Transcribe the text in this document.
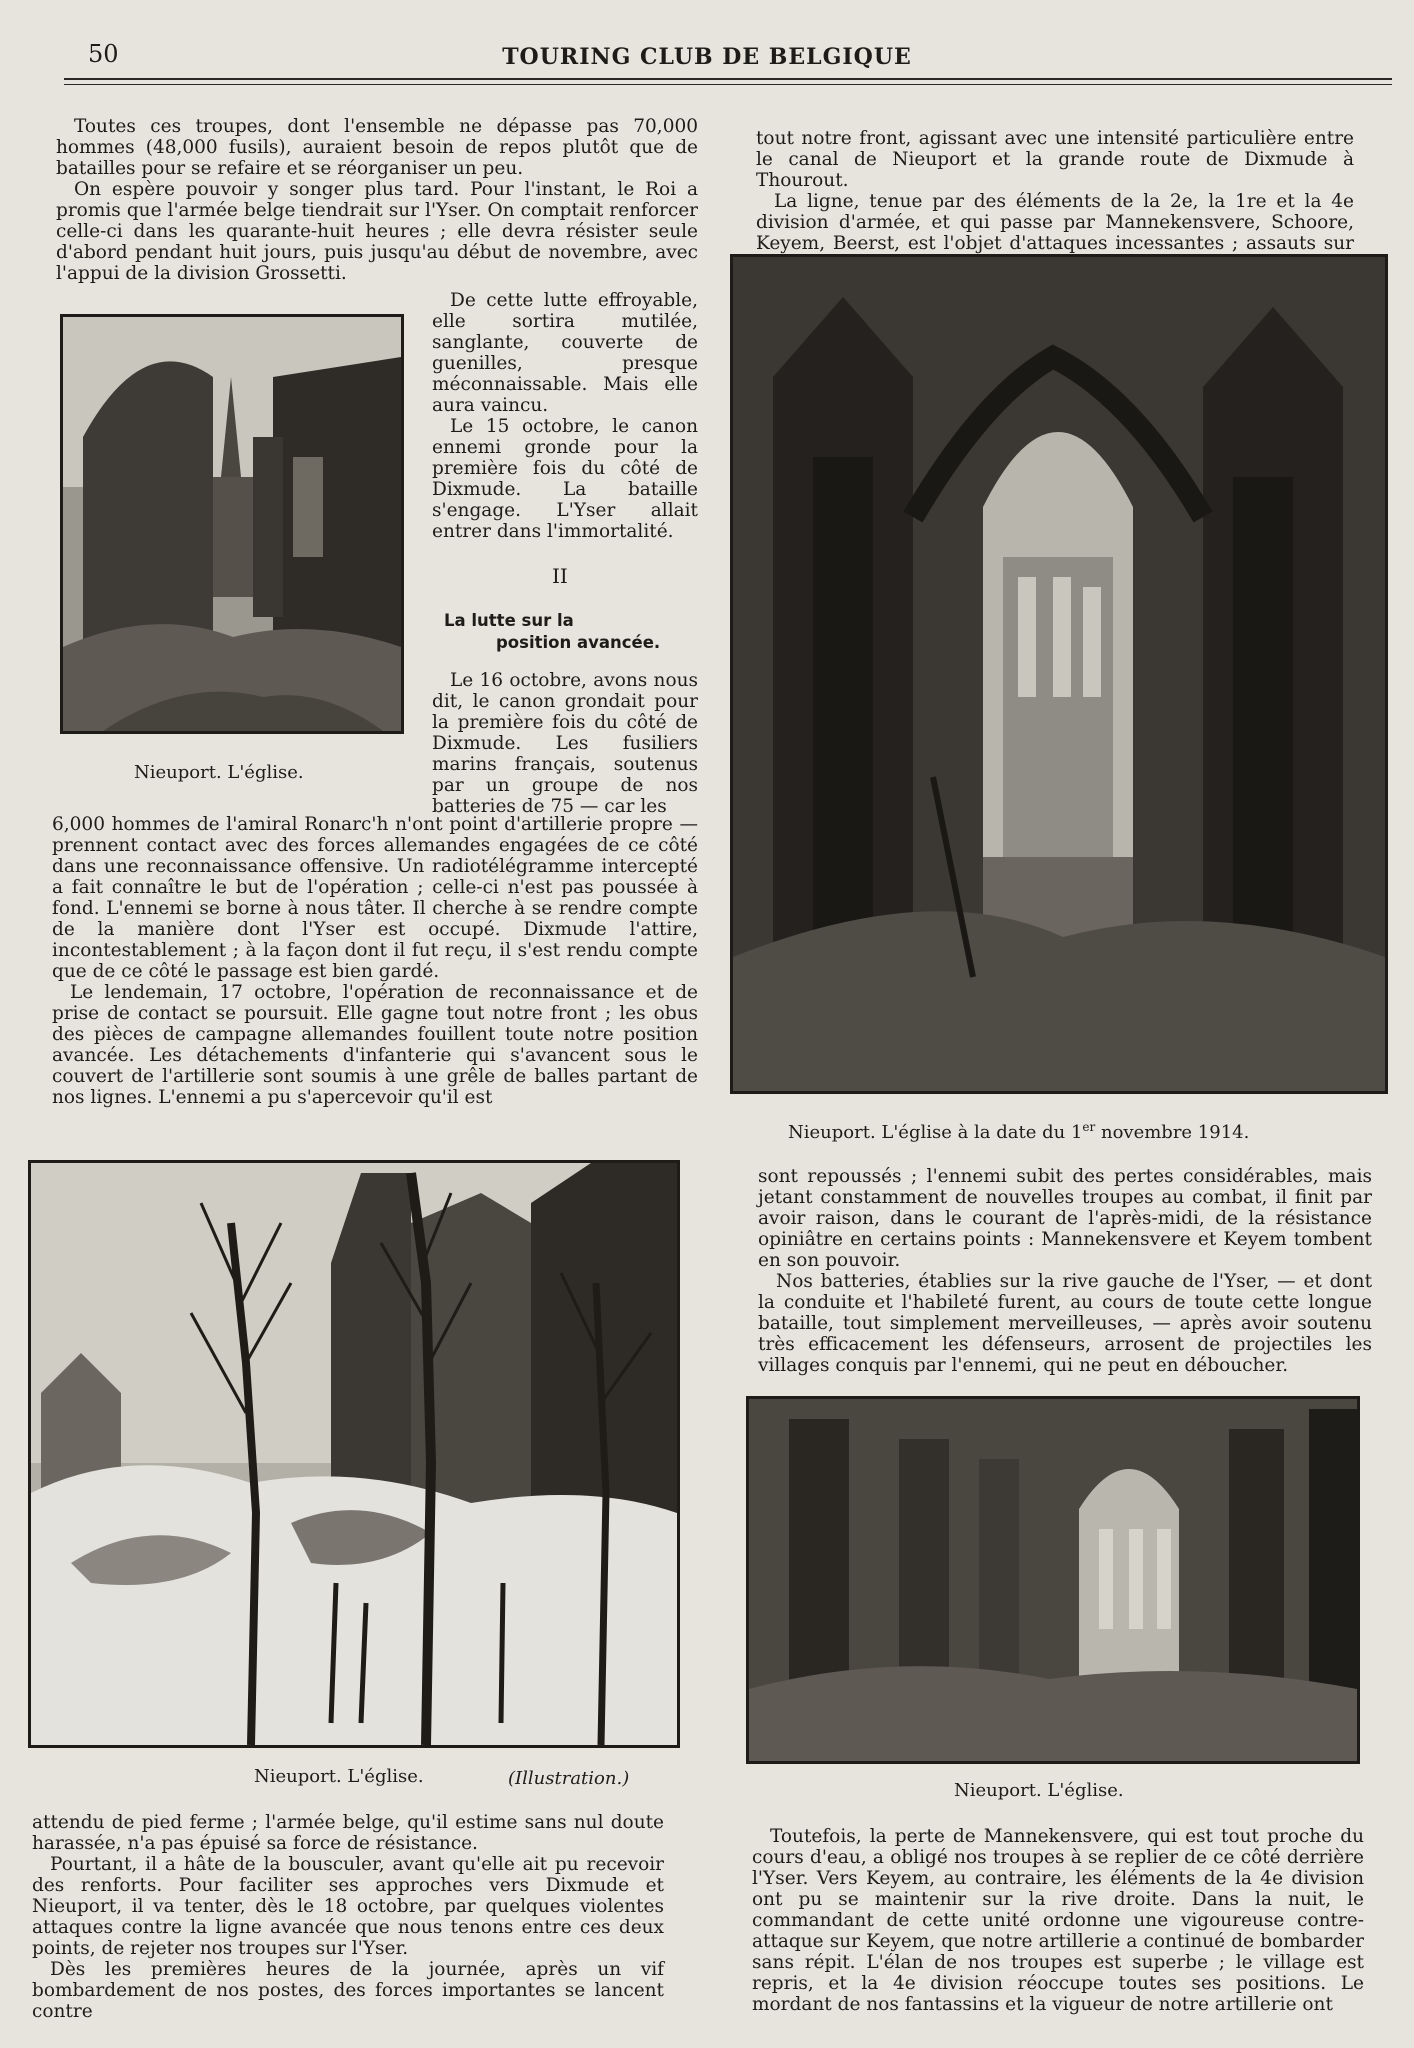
50	TOURING CLUB DE BELGIQUE

Toutes ces troupes, dont l'ensemble ne dépasse pas 70,000 hommes (48,000 fusils), auraient besoin de repos plutôt que de batailles pour se refaire et se réorganiser un peu.

On espère pouvoir y songer plus tard. Pour l'instant, le Roi a promis que l'armée belge tiendrait sur l'Yser. On comptait renforcer celle-ci dans les quarante-huit heures ; elle devra résister seule d'abord pendant huit jours, puis jusqu'au début de novembre, avec l'appui de la division Grossetti.

Nieuport. L'église.

De cette lutte effroyable, elle sortira mutilée, sanglante, couverte de guenilles, presque méconnaissable. Mais elle aura vaincu.

Le 15 octobre, le canon ennemi gronde pour la première fois du côté de Dixmude. La bataille s'engage. L'Yser allait entrer dans l'immortalité.

II
La lutte sur la
position avancée.

Le 16 octobre, avons nous dit, le canon grondait pour la première fois du côté de Dixmude. Les fusiliers marins français, soutenus par un groupe de nos batteries de 75 — car les

6,000 hommes de l'amiral Ronarc'h n'ont point d'artillerie propre — prennent contact avec des forces allemandes engagées de ce côté dans une reconnaissance offensive. Un radiotélégramme intercepté a fait connaître le but de l'opération ; celle-ci n'est pas poussée à fond. L'ennemi se borne à nous tâter. Il cherche à se rendre compte de la manière dont l'Yser est occupé. Dixmude l'attire, incontestablement ; à la façon dont il fut reçu, il s'est rendu compte que de ce côté le passage est bien gardé.

Le lendemain, 17 octobre, l'opération de reconnaissance et de prise de contact se poursuit. Elle gagne tout notre front ; les obus des pièces de campagne allemandes fouillent toute notre position avancée. Les détachements d'infanterie qui s'avancent sous le couvert de l'artillerie sont soumis à une grêle de balles partant de nos lignes. L'ennemi a pu s'apercevoir qu'il est

Nieuport. L'église.	(Illustration.)

attendu de pied ferme ; l'armée belge, qu'il estime sans nul doute harassée, n'a pas épuisé sa force de résistance.

Pourtant, il a hâte de la bousculer, avant qu'elle ait pu recevoir des renforts. Pour faciliter ses approches vers Dixmude et Nieuport, il va tenter, dès le 18 octobre, par quelques violentes attaques contre la ligne avancée que nous tenons entre ces deux points, de rejeter nos troupes sur l'Yser.

Dès les premières heures de la journée, après un vif bombardement de nos postes, des forces importantes se lancent contre

tout notre front, agissant avec une intensité particulière entre le canal de Nieuport et la grande route de Dixmude à Thourout.

La ligne, tenue par des éléments de la 2e, la 1re et la 4e division d'armée, et qui passe par Mannekensvere, Schoore, Keyem, Beerst, est l'objet d'attaques incessantes ; assauts sur

Nieuport. L'église à la date du 1er novembre 1914.

sont repoussés ; l'ennemi subit des pertes considérables, mais jetant constamment de nouvelles troupes au combat, il finit par avoir raison, dans le courant de l'après-midi, de la résistance opiniâtre en certains points : Mannekensvere et Keyem tombent en son pouvoir.

Nos batteries, établies sur la rive gauche de l'Yser, — et dont la conduite et l'habileté furent, au cours de toute cette longue bataille, tout simplement merveilleuses, — après avoir soutenu très efficacement les défenseurs, arrosent de projectiles les villages conquis par l'ennemi, qui ne peut en déboucher.

Nieuport. L'église.

Toutefois, la perte de Mannekensvere, qui est tout proche du cours d'eau, a obligé nos troupes à se replier de ce côté derrière l'Yser. Vers Keyem, au contraire, les éléments de la 4e division ont pu se maintenir sur la rive droite. Dans la nuit, le commandant de cette unité ordonne une vigoureuse contre-attaque sur Keyem, que notre artillerie a continué de bombarder sans répit. L'élan de nos troupes est superbe ; le village est repris, et la 4e division réoccupe toutes ses positions. Le mordant de nos fantassins et la vigueur de notre artillerie ont
